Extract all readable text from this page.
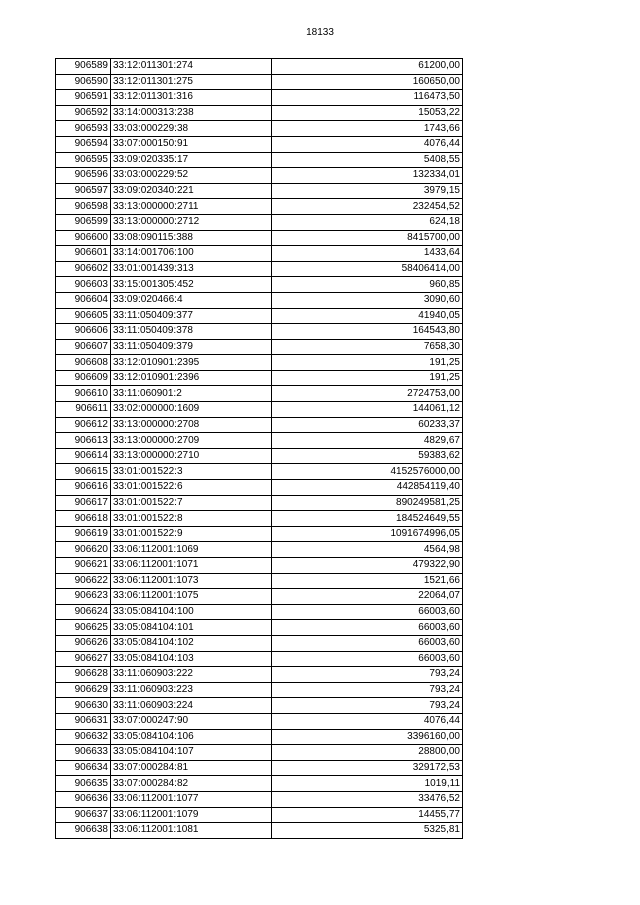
18133
906589	33:12:011301:274	61200,00
906590	33:12:011301:275	160650,00
906591	33:12:011301:316	116473,50
906592	33:14:000313:238	15053,22
906593	33:03:000229:38	1743,66
906594	33:07:000150:91	4076,44
906595	33:09:020335:17	5408,55
906596	33:03:000229:52	132334,01
906597	33:09:020340:221	3979,15
906598	33:13:000000:2711	232454,52
906599	33:13:000000:2712	624,18
906600	33:08:090115:388	8415700,00
906601	33:14:001706:100	1433,64
906602	33:01:001439:313	58406414,00
906603	33:15:001305:452	960,85
906604	33:09:020466:4	3090,60
906605	33:11:050409:377	41940,05
906606	33:11:050409:378	164543,80
906607	33:11:050409:379	7658,30
906608	33:12:010901:2395	191,25
906609	33:12:010901:2396	191,25
906610	33:11:060901:2	2724753,00
906611	33:02:000000:1609	144061,12
906612	33:13:000000:2708	60233,37
906613	33:13:000000:2709	4829,67
906614	33:13:000000:2710	59383,62
906615	33:01:001522:3	4152576000,00
906616	33:01:001522:6	442854119,40
906617	33:01:001522:7	890249581,25
906618	33:01:001522:8	184524649,55
906619	33:01:001522:9	1091674996,05
906620	33:06:112001:1069	4564,98
906621	33:06:112001:1071	479322,90
906622	33:06:112001:1073	1521,66
906623	33:06:112001:1075	22064,07
906624	33:05:084104:100	66003,60
906625	33:05:084104:101	66003,60
906626	33:05:084104:102	66003,60
906627	33:05:084104:103	66003,60
906628	33:11:060903:222	793,24
906629	33:11:060903:223	793,24
906630	33:11:060903:224	793,24
906631	33:07:000247:90	4076,44
906632	33:05:084104:106	3396160,00
906633	33:05:084104:107	28800,00
906634	33:07:000284:81	329172,53
906635	33:07:000284:82	1019,11
906636	33:06:112001:1077	33476,52
906637	33:06:112001:1079	14455,77
906638	33:06:112001:1081	5325,81
